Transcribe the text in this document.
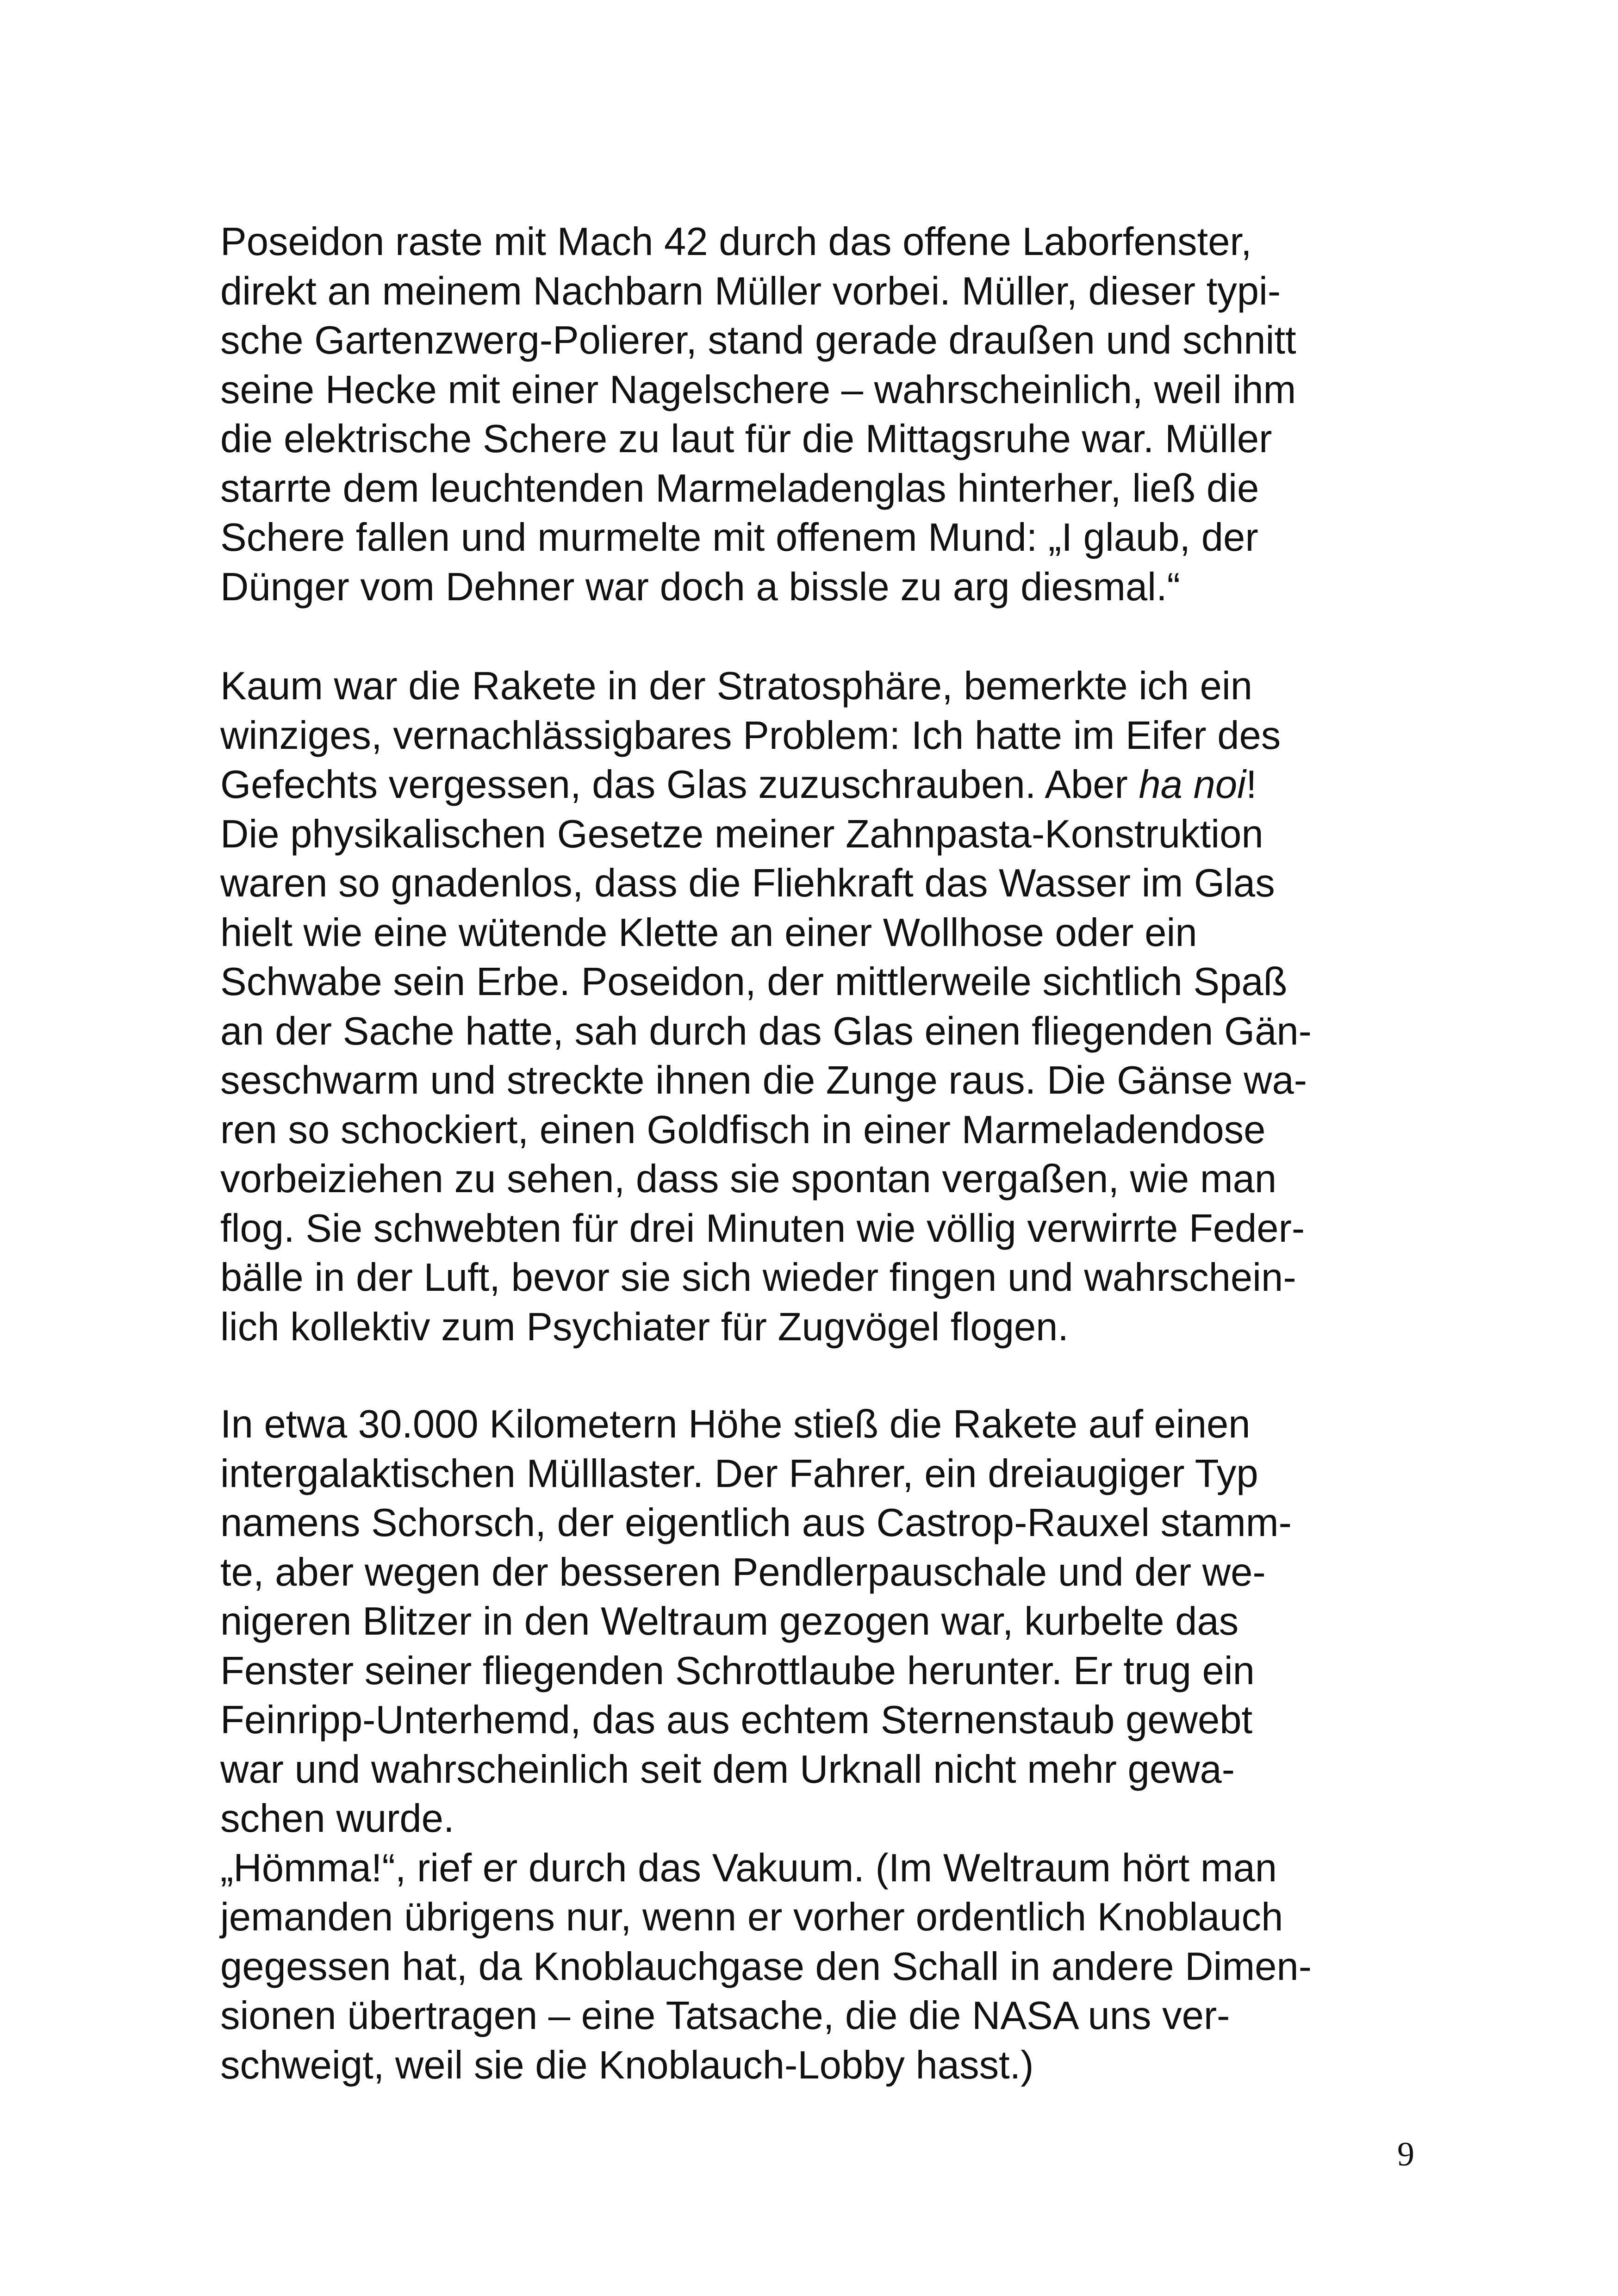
Poseidon raste mit Mach 42 durch das offene Laborfenster,
direkt an meinem Nachbarn Müller vorbei. Müller, dieser typi-
sche Gartenzwerg-Polierer, stand gerade draußen und schnitt
seine Hecke mit einer Nagelschere – wahrscheinlich, weil ihm
die elektrische Schere zu laut für die Mittagsruhe war. Müller
starrte dem leuchtenden Marmeladenglas hinterher, ließ die
Schere fallen und murmelte mit offenem Mund: „I glaub, der
Dünger vom Dehner war doch a bissle zu arg diesmal.“

Kaum war die Rakete in der Stratosphäre, bemerkte ich ein
winziges, vernachlässigbares Problem: Ich hatte im Eifer des
Gefechts vergessen, das Glas zuzuschrauben. Aber ha noi!
Die physikalischen Gesetze meiner Zahnpasta-Konstruktion
waren so gnadenlos, dass die Fliehkraft das Wasser im Glas
hielt wie eine wütende Klette an einer Wollhose oder ein
Schwabe sein Erbe. Poseidon, der mittlerweile sichtlich Spaß
an der Sache hatte, sah durch das Glas einen fliegenden Gän-
seschwarm und streckte ihnen die Zunge raus. Die Gänse wa-
ren so schockiert, einen Goldfisch in einer Marmeladendose
vorbeiziehen zu sehen, dass sie spontan vergaßen, wie man
flog. Sie schwebten für drei Minuten wie völlig verwirrte Feder-
bälle in der Luft, bevor sie sich wieder fingen und wahrschein-
lich kollektiv zum Psychiater für Zugvögel flogen.

In etwa 30.000 Kilometern Höhe stieß die Rakete auf einen
intergalaktischen Mülllaster. Der Fahrer, ein dreiaugiger Typ
namens Schorsch, der eigentlich aus Castrop-Rauxel stamm-
te, aber wegen der besseren Pendlerpauschale und der we-
nigeren Blitzer in den Weltraum gezogen war, kurbelte das
Fenster seiner fliegenden Schrottlaube herunter. Er trug ein
Feinripp-Unterhemd, das aus echtem Sternenstaub gewebt
war und wahrscheinlich seit dem Urknall nicht mehr gewa-
schen wurde.
„Hömma!“, rief er durch das Vakuum. (Im Weltraum hört man
jemanden übrigens nur, wenn er vorher ordentlich Knoblauch
gegessen hat, da Knoblauchgase den Schall in andere Dimen-
sionen übertragen – eine Tatsache, die die NASA uns ver-
schweigt, weil sie die Knoblauch-Lobby hasst.)

9
